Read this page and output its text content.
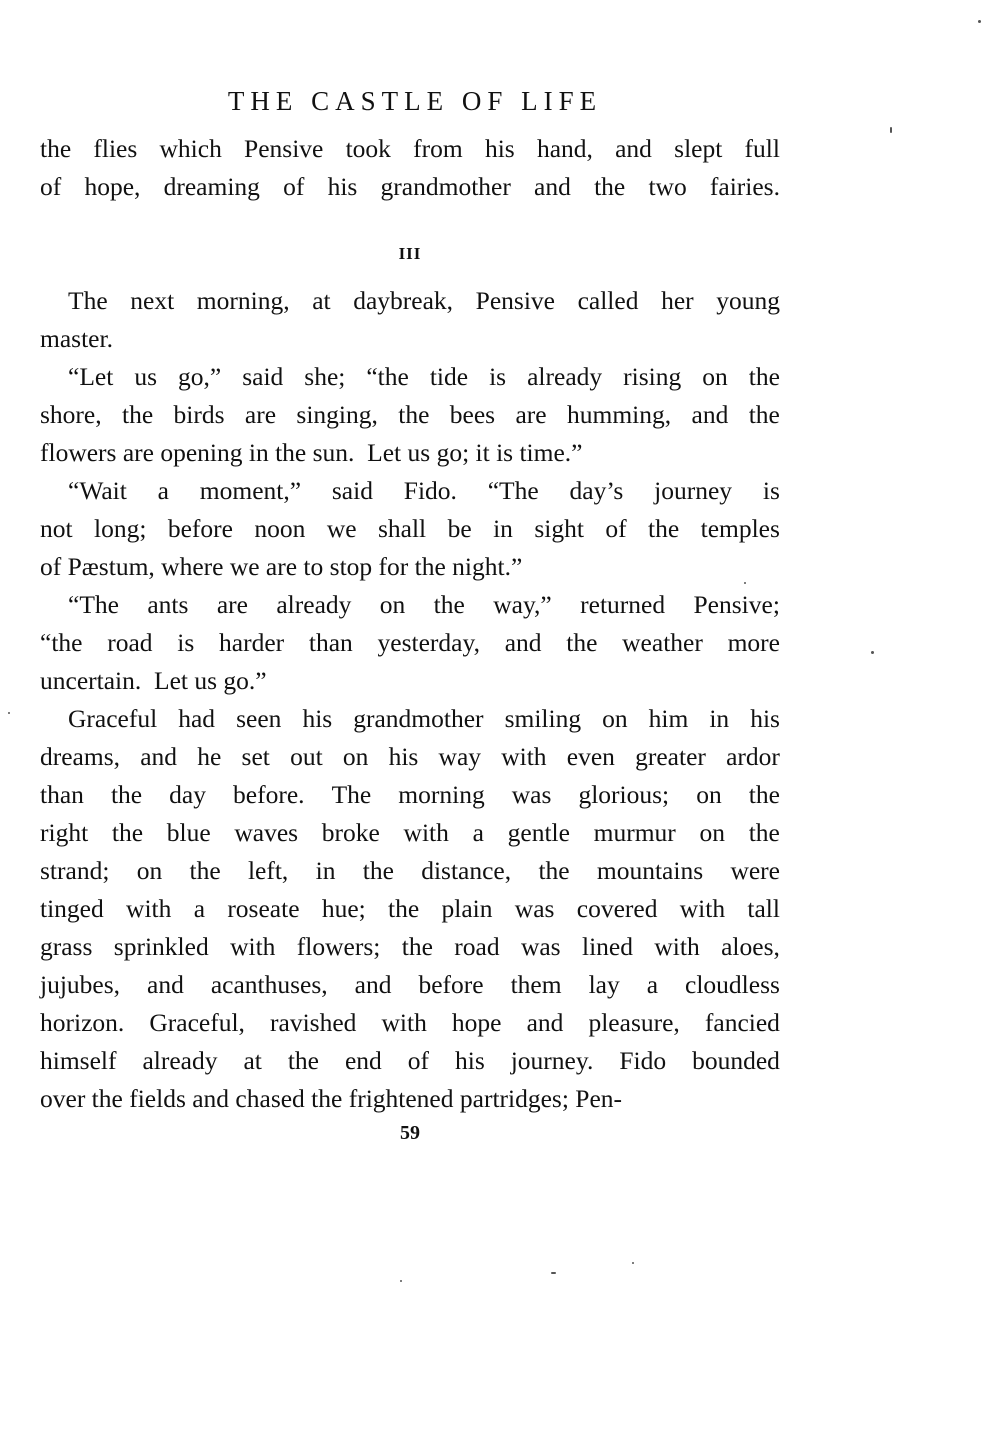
THE CASTLE OF LIFE
the flies which Pensive took from his hand, and slept full
of hope, dreaming of his grandmother and the two fairies.
The next morning, at daybreak, Pensive called her young
master.
“Let us go,” said she; “the tide is already rising on the
shore, the birds are singing, the bees are humming, and the
flowers are opening in the sun.  Let us go; it is time.”
“Wait a moment,” said Fido. “The day’s journey is
not long; before noon we shall be in sight of the temples
of Pæstum, where we are to stop for the night.”
“The ants are already on the way,” returned Pensive;
“the road is harder than yesterday, and the weather more
uncertain.  Let us go.”
Graceful had seen his grandmother smiling on him in his
dreams, and he set out on his way with even greater ardor
than the day before. The morning was glorious; on the
right the blue waves broke with a gentle murmur on the
strand; on the left, in the distance, the mountains were
tinged with a roseate hue; the plain was covered with tall
grass sprinkled with flowers; the road was lined with aloes,
jujubes, and acanthuses, and before them lay a cloudless
horizon. Graceful, ravished with hope and pleasure, fancied
himself already at the end of his journey. Fido bounded
over the fields and chased the frightened partridges; Pen-
III
59
